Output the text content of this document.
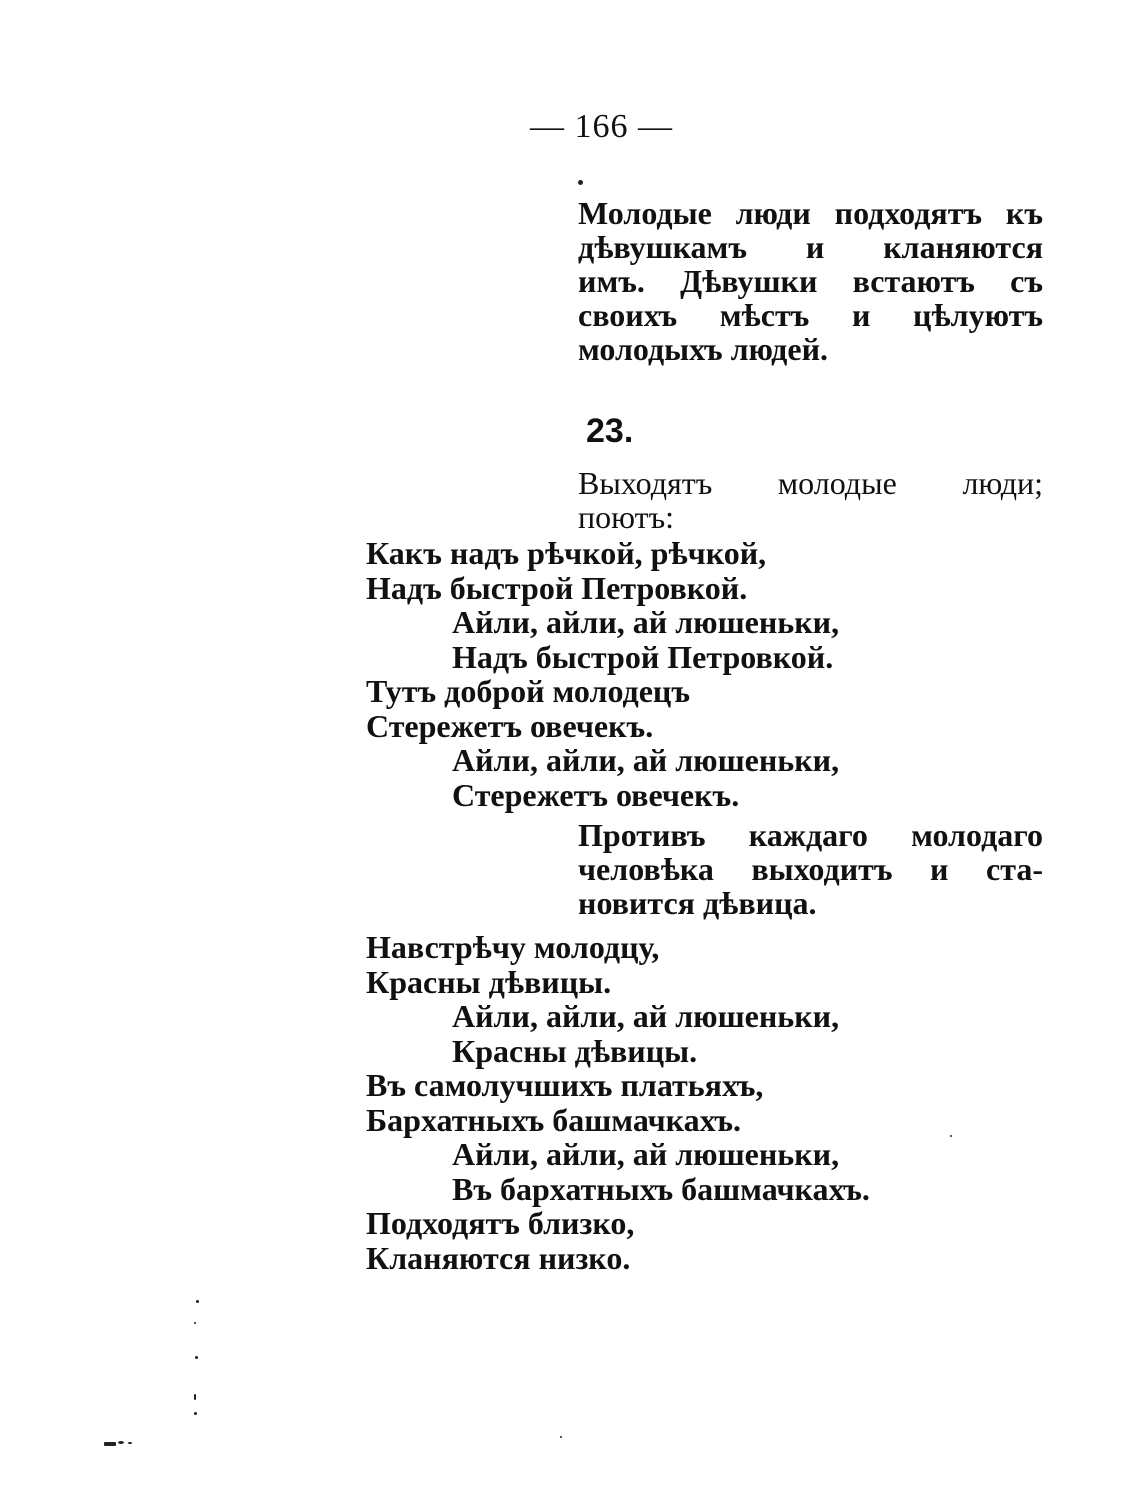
— 166 —
Молодые люди подходятъ къ
дѣвушкамъ и кланяются
имъ. Дѣвушки встаютъ съ
своихъ мѣстъ и цѣлуютъ
молодыхъ людей.
23.
Выходятъ молодые люди;
поютъ:
Какъ надъ рѣчкой, рѣчкой,
Надъ быстрой Петровкой.
Айли, айли, ай люшеньки,
Надъ быстрой Петровкой.
Тутъ доброй молодецъ
Стережетъ овечекъ.
Айли, айли, ай люшеньки,
Стережетъ овечекъ.
Противъ каждаго молодаго
человѣка выходитъ и ста-
новится дѣвица.
Навстрѣчу молодцу,
Красны дѣвицы.
Айли, айли, ай люшеньки,
Красны дѣвицы.
Въ самолучшихъ платьяхъ,
Бархатныхъ башмачкахъ.
Айли, айли, ай люшеньки,
Въ бархатныхъ башмачкахъ.
Подходятъ близко,
Кланяются низко.
